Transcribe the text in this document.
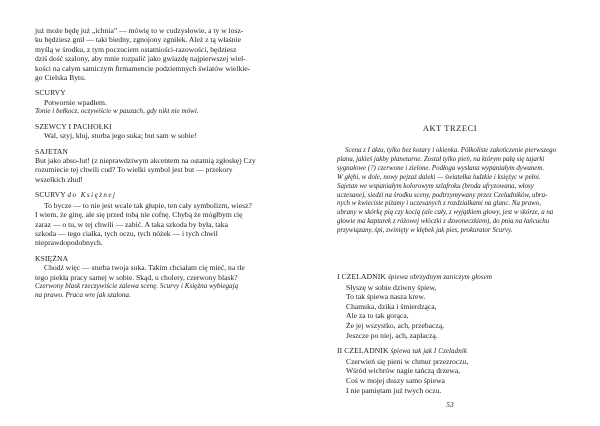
już może będę już „ichnia” — mówię to w cudzysłowie, a ty w losz-
ku będziesz gnił — taki biedny, zgnojony zgniłek. Ależ z tą właśnie
myślą w środku, z tym poczuciem ostatniości-razowości, będziesz
dziś dość szalony, aby mnie rozpalić jako gwiazdę najpierwszej wiel-
kości na całym samiczym firmamencie podziemnych światów wielkie-
go Cielska Bytu.
SCURVY
Potwornie wpadłem.

Tonie i bełkocz, oczywiście w pauzach, gdy nikt nie mówi.

SZEWCY I PACHOŁKI
Wal, szyj, kluj, sturba jego suka; but sam w sobie!
SAJETAN
But jako abso-lut! (z nieprawdziwym akcentem na ostatnią zgłoskę) Czy
rozumiecie tej chwili cud? To wielki symbol jest but — przekory
wszelkich złud!
SCURVY do Księżnej
To bycze — to nie jest wcale tak głupie, ten cały symbolizm, wiesz?
I wiem, że ginę, ale się przed tobą nie cofnę. Chybą że mógłbym cię
zaraz — o tu, w tej chwili — zabić. A taka szkoda by była, taka
szkoda — tego ciałka, tych oczu, tych nóżek — i tych chwil
nieprawdopodobnych.
KSIĘŻNA
Chodź więc — sturba twoja suka. Takim chciałam cię mieć, na tle
tego piekła pracy samej w sobie. Skąd, u cholery, czerwony blask?

Czerwony blask rzeczywiście zalewa scenę. Scurvy i Księżna wybiegają

na prawo. Praca wre jak szalona.

AKT TRZECI
Scena z I aktu, tylko bez kotary i okienka. Półkoliste zakończenie pierwszego
planu, jakieś jakby planetarne. Został tylko pień, na którym pałą się tajarki
sygnałowe (?) czerwone i zielone. Podłoga wysłana wypaniałym dywanem.
W głębi, w dole, nowy pejzaż daleki — światełka ludzkie i księżyc w pełni.
Sajetan we wspaniałym kolorowym szlafroku (broda ufryzowana, włosy
uczesane), siedzi na środku sceny, podtrzymywany przez Czeladników, ubra-
nych w kwieciste piżamy i uczesanych z rozdziałkami na glanc. Na prawo,
ubrany w skórkę pią czy kocią (ale cały, z wyjątkiem głowy, jest w skórze, a na
głowie ma kapturek z różowej włóczki z dzwoneczkiem), do pnia na łańcuchu
przywiązany, śpi, zwinięty w kłębek jak pies, prokurator Scurvy.
I CZELADNIK śpiewa obrzydnym zaniczym głosem
Słyszę w sobie dziwny śpiew,
To tak śpiewa nasza krew.
Chamska, dzika i śmierdząca,
Ale za to tak gorąca,
Że jej wszystko, ach, przebaczą,
Jeszcze po niej, ach, zapłaczą.
II CZELADNIK śpiewa tak jak I Czeladnik
Czerwień się pieni w chmur przezroczu,
Wśród wichrów nagie tańczą drzewa,
Coś w mojej duszy samo śpiewa
I nie pamiętam już twych oczu.
53
